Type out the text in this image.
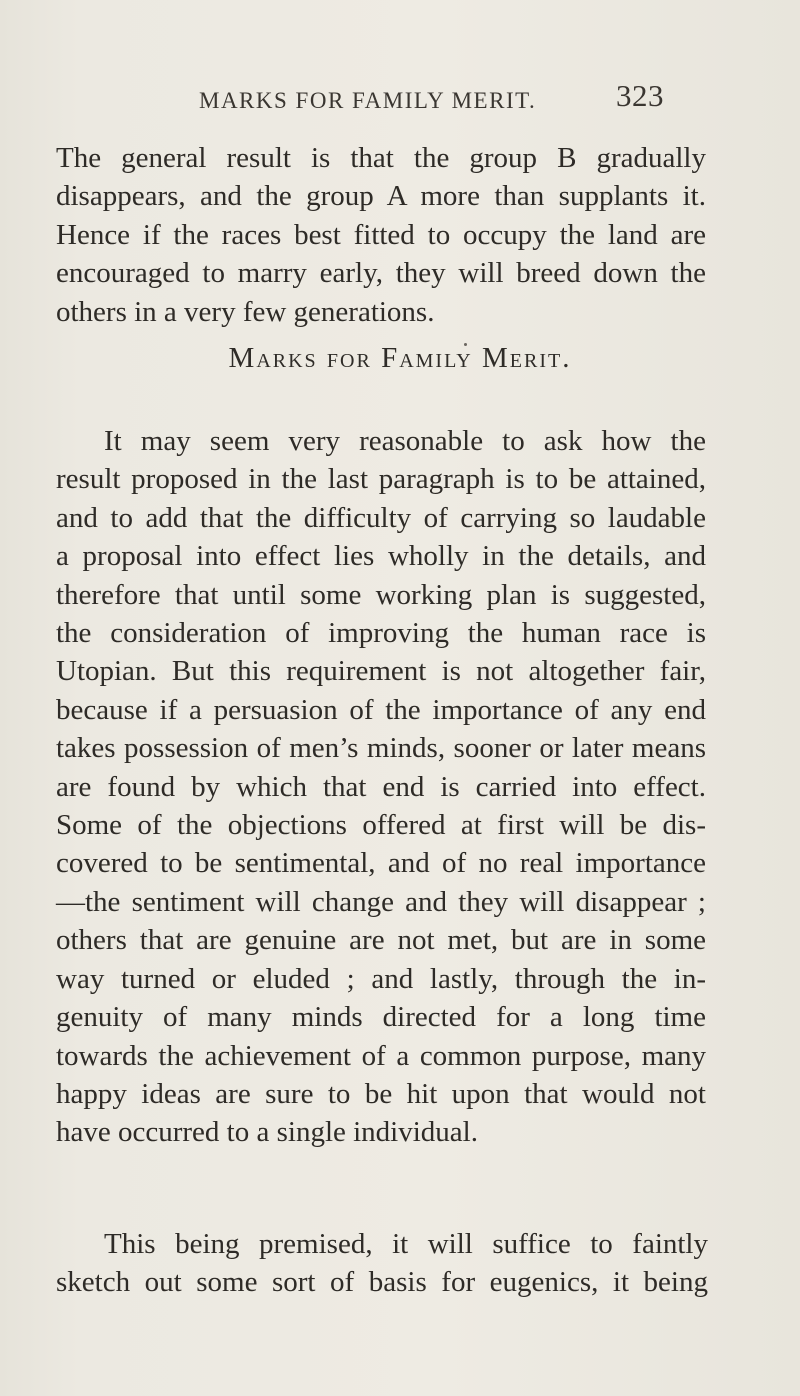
MARKS FOR FAMILY MERIT.	323
The general result is that the group B gradually
disappears, and the group A more than supplants it.
Hence if the races best fitted to occupy the land are
encouraged to marry early, they will breed down the
others in a very few generations.
Marks for Family Merit.
It may seem very reasonable to ask how the
result proposed in the last paragraph is to be attained,
and to add that the difficulty of carrying so laudable
a proposal into effect lies wholly in the details, and
therefore that until some working plan is suggested,
the consideration of improving the human race is
Utopian. But this requirement is not altogether fair,
because if a persuasion of the importance of any end
takes possession of men’s minds, sooner or later means
are found by which that end is carried into effect.
Some of the objections offered at first will be dis-
covered to be sentimental, and of no real importance
—the sentiment will change and they will disappear ;
others that are genuine are not met, but are in some
way turned or eluded ; and lastly, through the in-
genuity of many minds directed for a long time
towards the achievement of a common purpose, many
happy ideas are sure to be hit upon that would not
have occurred to a single individual.
This being premised, it will suffice to faintly
sketch out some sort of basis for eugenics, it being
